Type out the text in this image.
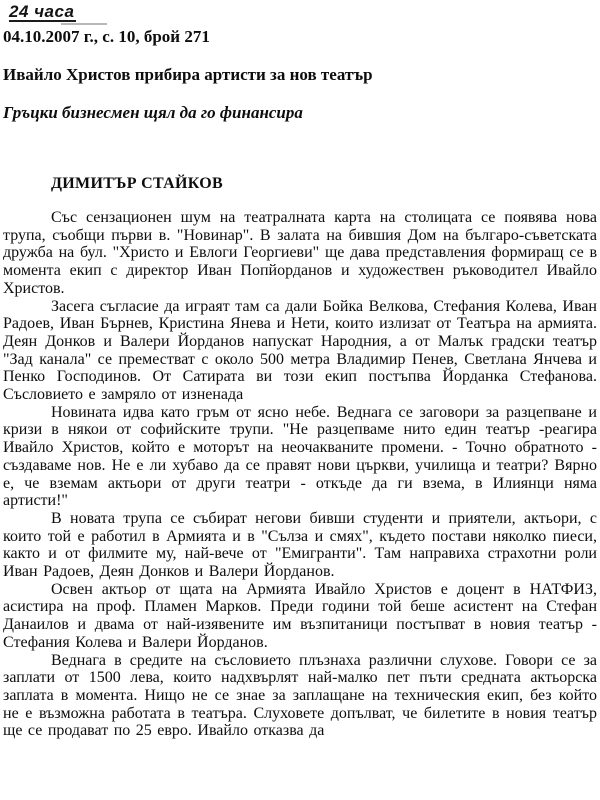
24 часа
04.10.2007 г., с. 10, брой 271
Ивайло Христов прибира артисти за нов театър
Гръцки бизнесмен щял да го финансира
ДИМИТЪР СТАЙКОВ

Със сензационен шум на театралната карта на столицата се появява нова трупа, съобщи първи в. "Новинар". В залата на бившия Дом на българо-съветската дружба на бул. "Христо и Евлоги Георгиеви" ще дава представления формиращ се в момента екип с директор Иван Попйорданов и художествен ръководител Ивайло Христов.

Засега съгласие да играят там са дали Бойка Велкова, Стефания Колева, Иван Радоев, Иван Бърнев, Кристина Янева и Нети, които излизат от Театъра на армията. Деян Донков и Валери Йорданов напускат Народния, а от Малък градски театър "Зад канала" се преместват с около 500 метра Владимир Пенев, Светлана Янчева и Пенко Господинов. От Сатирата ви този екип постъпва Йорданка Стефанова. Съсловието е замряло от изненада

Новината идва като гръм от ясно небе. Веднага се заговори за разцепване и кризи в някои от софийските трупи. "Не разцепваме нито един театър -реагира Ивайло Христов, който е моторът на неочакваните промени. - Точно обратното - създаваме нов. Не е ли хубаво да се правят нови църкви, училища и театри? Вярно е, че вземам актьори от други театри - откъде да ги взема, в Илиянци няма артисти!"

В новата трупа се събират негови бивши студенти и приятели, актьори, с които той е работил в Армията и в "Сълза и смях", където постави няколко пиеси, както и от филмите му, най-вече от "Емигранти". Там направиха страхотни роли Иван Радоев, Деян Донков и Валери Йорданов.

Освен актьор от щата на Армията Ивайло Христов е доцент в НАТФИЗ, асистира на проф. Пламен Марков. Преди години той беше асистент на Стефан Данаилов и двама от най-изявените им възпитаници постъпват в новия театър - Стефания Колева и Валери Йорданов.

Веднага в средите на съсловието плъзнаха различни слухове. Говори се за заплати от 1500 лева, които надхвърлят най-малко пет пъти средната актьорска заплата в момента. Нищо не се знае за заплащане на техническия екип, без който не е възможна работата в театъра. Слуховете допълват, че билетите в новия театър ще се продават по 25 евро. Ивайло отказва да
